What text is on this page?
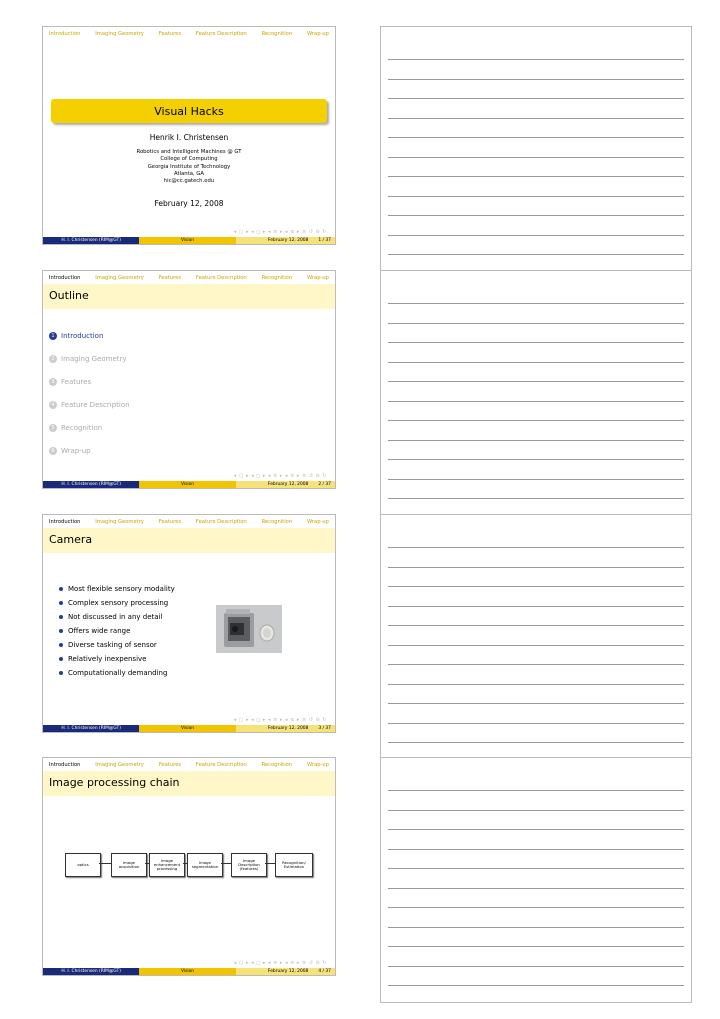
Introduction	Imaging Geometry	Features	Feature Description	Recognition	Wrap-up
Visual Hacks
Henrik I. Christensen
Robotics and Intelligent Machines @ GT
College of Computing
Georgia Institute of Technology
Atlanta, GA
hic@cc.gatech.edu
February 12, 2008
◂ ▢ ▸ ◂ ◻ ▸ ◂ ≡ ▸ ◂ ≡ ▸ ≡ ↺ ⊖ ↻
H. I. Christensen (RIM@GT)	Vision	February 12, 2008 1 / 37
Introduction	Imaging Geometry	Features	Feature Description	Recognition	Wrap-up
Outline
1 Introduction
2 Imaging Geometry
3 Features
4 Feature Description
5 Recognition
6 Wrap-up
◂ ▢ ▸ ◂ ◻ ▸ ◂ ≡ ▸ ◂ ≡ ▸ ≡ ↺ ⊖ ↻
H. I. Christensen (RIM@GT)	Vision	February 12, 2008 2 / 37
Introduction	Imaging Geometry	Features	Feature Description	Recognition	Wrap-up
Camera
Most flexible sensory modality
Complex sensory processing
Not discussed in any detail
Offers wide range
Diverse tasking of sensor
Relatively inexpensive
Computationally demanding
◂ ▢ ▸ ◂ ◻ ▸ ◂ ≡ ▸ ◂ ≡ ▸ ≡ ↺ ⊖ ↻
H. I. Christensen (RIM@GT)	Vision	February 12, 2008 3 / 37
Introduction	Imaging Geometry	Features	Feature Description	Recognition	Wrap-up
Image processing chain
optics	Image
acquisition
Image
enhancement
processing
Image
segmentation
Image
Description
(features)
Recognition/
Estimation
◂ ▢ ▸ ◂ ◻ ▸ ◂ ≡ ▸ ◂ ≡ ▸ ≡ ↺ ⊖ ↻
H. I. Christensen (RIM@GT)	Vision	February 12, 2008 4 / 37
